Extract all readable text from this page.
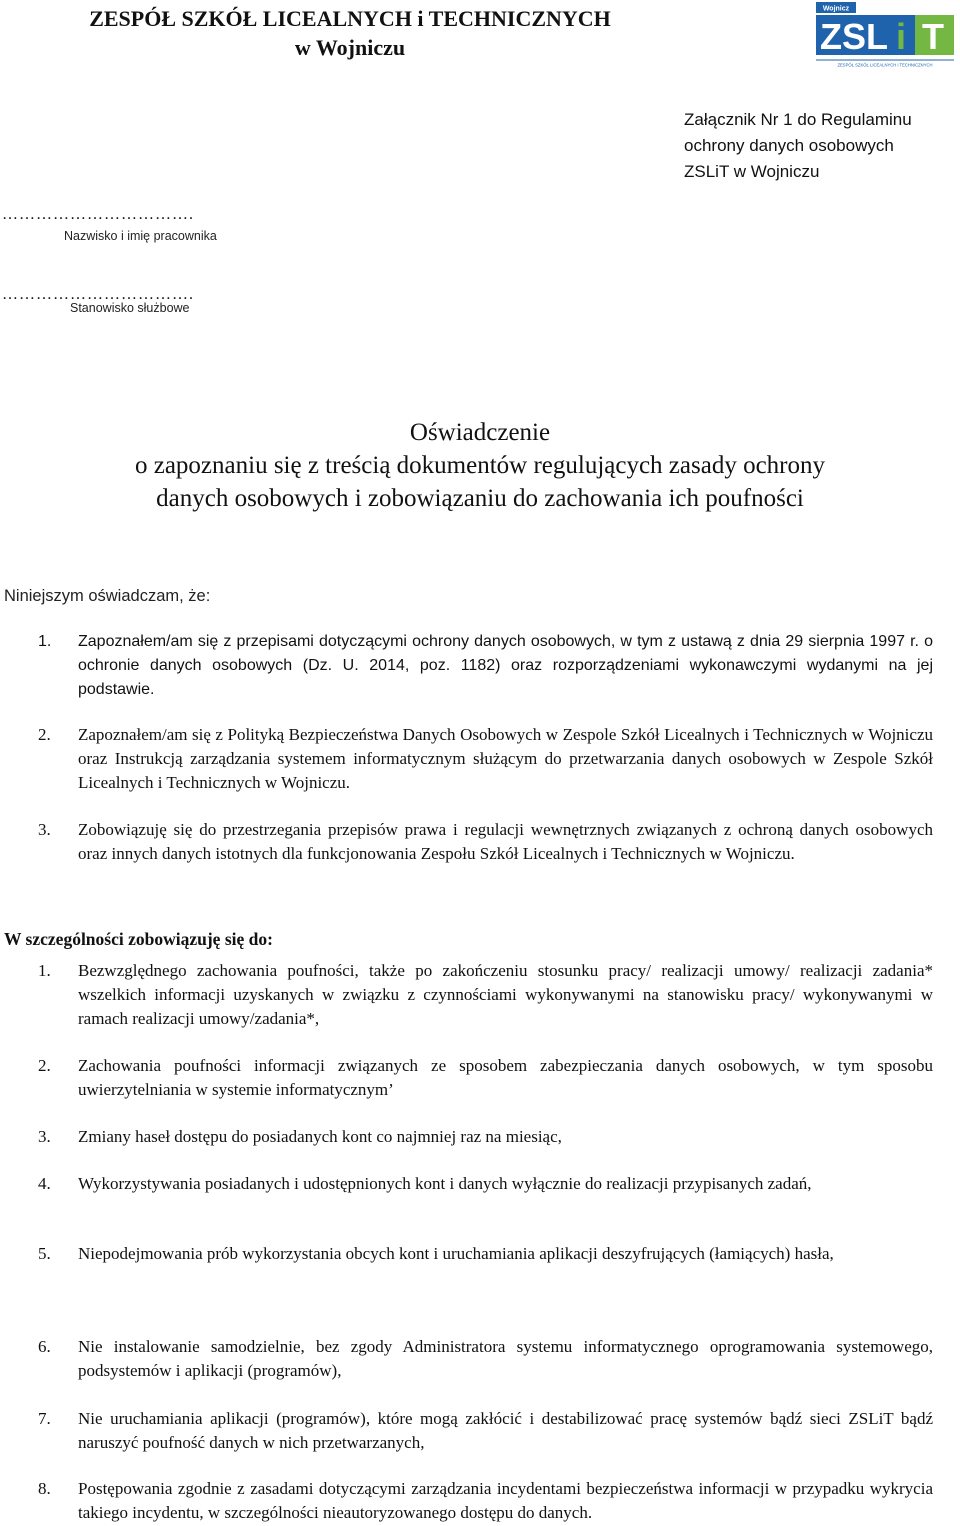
ZESPÓŁ SZKÓŁ LICEALNYCH i TECHNICZNYCH
w Wojniczu
Wojnicz
ZSL i T
ZESPÓŁ SZKÓŁ LICEALNYCH i TECHNICZNYCH
Załącznik Nr 1 do Regulaminu
ochrony danych osobowych
ZSLiT w Wojniczu
…………………………….
Nazwisko i imię pracownika
…………………………….
Stanowisko służbowe
Oświadczenie
o zapoznaniu się z treścią dokumentów regulujących zasady ochrony
danych osobowych i zobowiązaniu do zachowania ich poufności
Niniejszym oświadczam, że:
1. Zapoznałem/am się z przepisami dotyczącymi ochrony danych osobowych, w tym z ustawą z dnia 29 sierpnia 1997 r. o ochronie danych osobowych (Dz. U. 2014, poz. 1182) oraz rozporządzeniami wykonawczymi wydanymi na jej podstawie.
2. Zapoznałem/am się z Polityką Bezpieczeństwa Danych Osobowych w Zespole Szkół Licealnych i Technicznych w Wojniczu oraz Instrukcją zarządzania systemem informatycznym służącym do przetwarzania danych osobowych w Zespole Szkół Licealnych i Technicznych w Wojniczu.
3. Zobowiązuję się do przestrzegania przepisów prawa i regulacji wewnętrznych związanych z ochroną danych osobowych oraz innych danych istotnych dla funkcjonowania Zespołu Szkół Licealnych i Technicznych w Wojniczu.
W szczególności zobowiązuję się do:
1. Bezwzględnego zachowania poufności, także po zakończeniu stosunku pracy/ realizacji umowy/ realizacji zadania* wszelkich informacji uzyskanych w związku z czynnościami wykonywanymi na stanowisku pracy/ wykonywanymi w ramach realizacji umowy/zadania*,
2. Zachowania poufności informacji związanych ze sposobem zabezpieczania danych osobowych, w tym sposobu uwierzytelniania w systemie informatycznym’
3. Zmiany haseł dostępu do posiadanych kont co najmniej raz na miesiąc,
4. Wykorzystywania posiadanych i udostępnionych kont i danych wyłącznie do realizacji przypisanych zadań,
5. Niepodejmowania prób wykorzystania obcych kont i uruchamiania aplikacji deszyfrujących (łamiących) hasła,
6. Nie instalowanie samodzielnie, bez zgody Administratora systemu informatycznego oprogramowania systemowego, podsystemów i aplikacji (programów),
7. Nie uruchamiania aplikacji (programów), które mogą zakłócić i destabilizować pracę systemów bądź sieci ZSLiT bądź naruszyć poufność danych w nich przetwarzanych,
8. Postępowania zgodnie z zasadami dotyczącymi zarządzania incydentami bezpieczeństwa informacji w przypadku wykrycia takiego incydentu, w szczególności nieautoryzowanego dostępu do danych.
